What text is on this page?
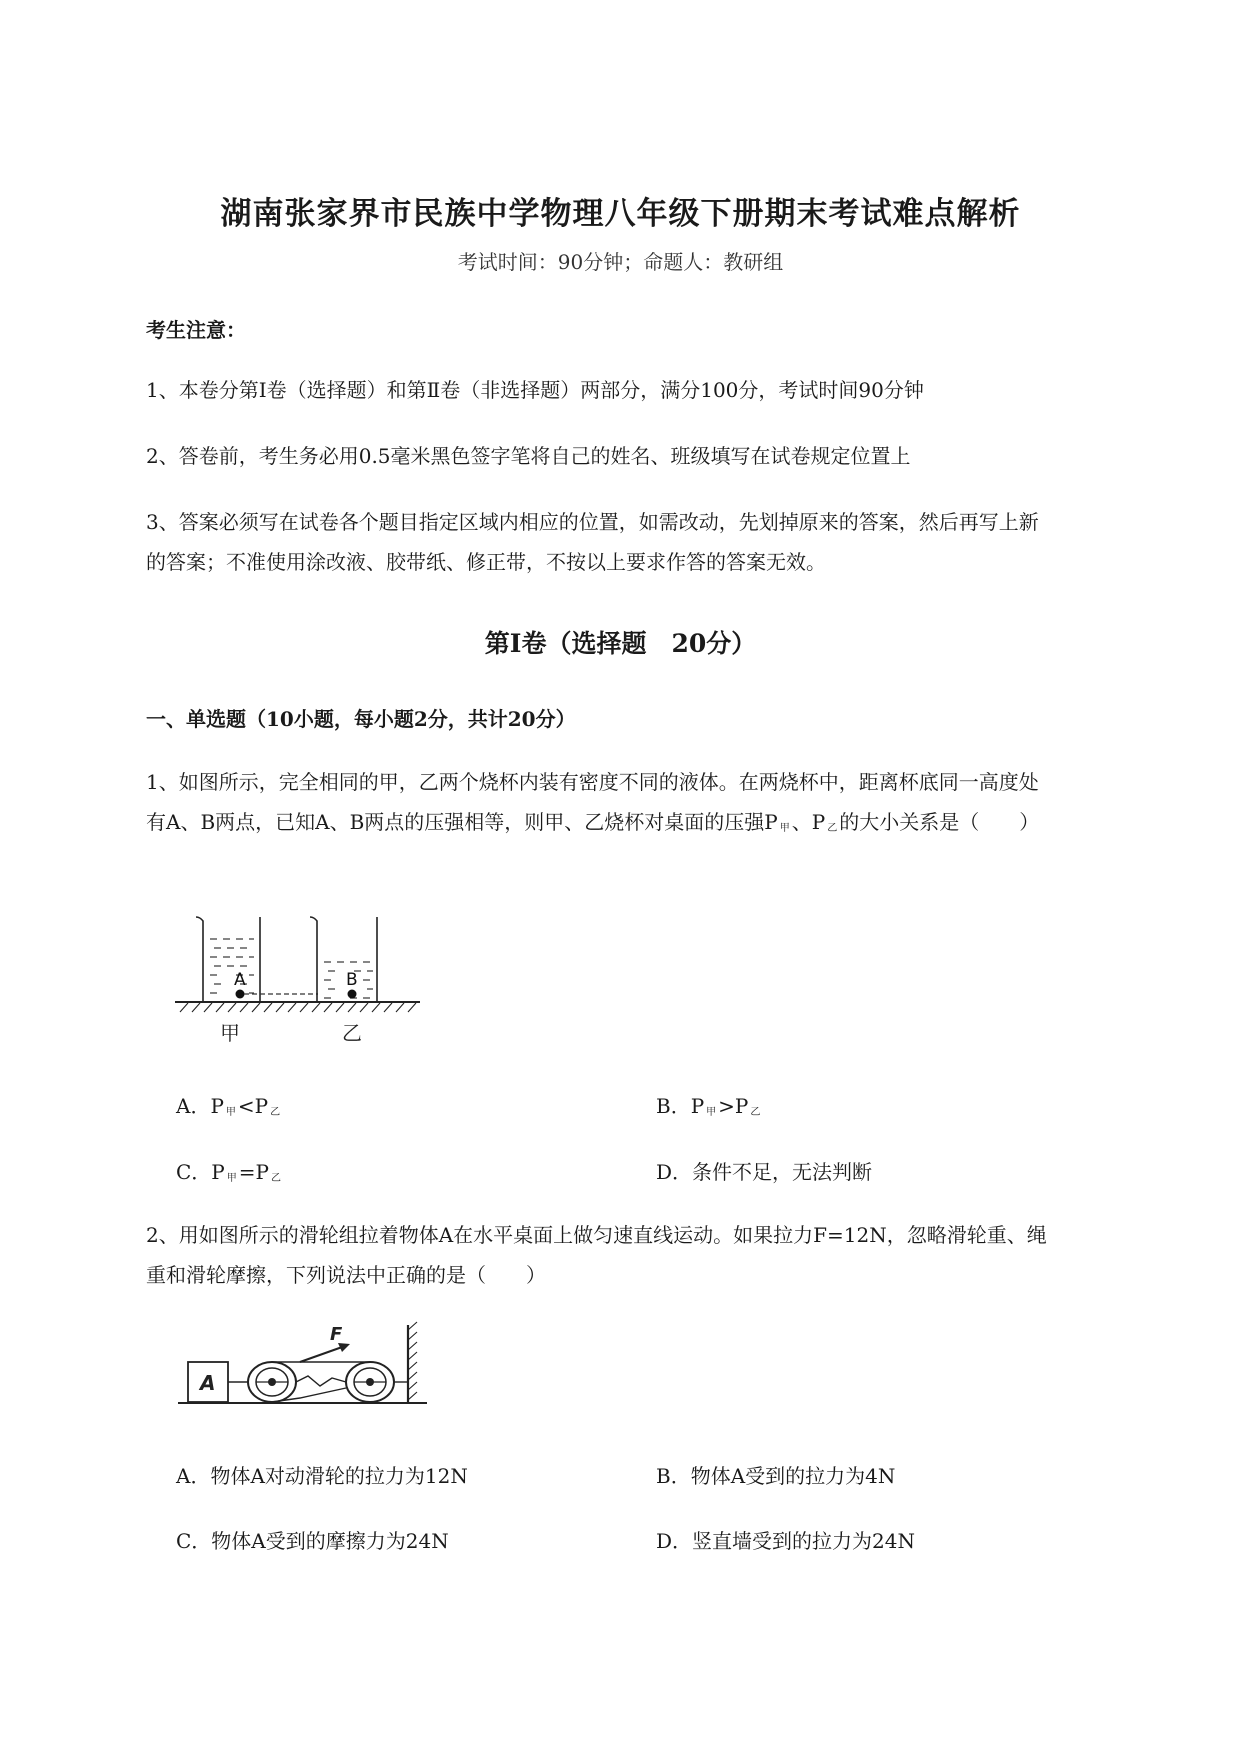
湖南张家界市民族中学物理八年级下册期末考试难点解析
考试时间：90分钟；命题人：教研组
考生注意：
1、本卷分第Ⅰ卷（选择题）和第Ⅱ卷（非选择题）两部分，满分100分，考试时间90分钟
2、答卷前，考生务必用0.5毫米黑色签字笔将自己的姓名、班级填写在试卷规定位置上
3、答案必须写在试卷各个题目指定区域内相应的位置，如需改动，先划掉原来的答案，然后再写上新
的答案；不准使用涂改液、胶带纸、修正带，不按以上要求作答的答案无效。
第Ⅰ卷（选择题　20分）
一、单选题（10小题，每小题2分，共计20分）
1、如图所示，完全相同的甲，乙两个烧杯内装有密度不同的液体。在两烧杯中，距离杯底同一高度处
有A、B两点，已知A、B两点的压强相等，则甲、乙烧杯对桌面的压强P $_甲$ 、P $_乙$ 的大小关系是（　　）
A	B
甲	乙
A．P $_甲$ <P $_乙$	B．P $_甲$ >P $_乙$
C．P $_甲$ =P $_乙$	D．条件不足，无法判断
2、用如图所示的滑轮组拉着物体A在水平桌面上做匀速直线运动。如果拉力F=12N，忽略滑轮重、绳
重和滑轮摩擦，下列说法中正确的是（　　）
A
F
A．物体A对动滑轮的拉力为12N	B．物体A受到的拉力为4N
C．物体A受到的摩擦力为24N	D．竖直墙受到的拉力为24N
